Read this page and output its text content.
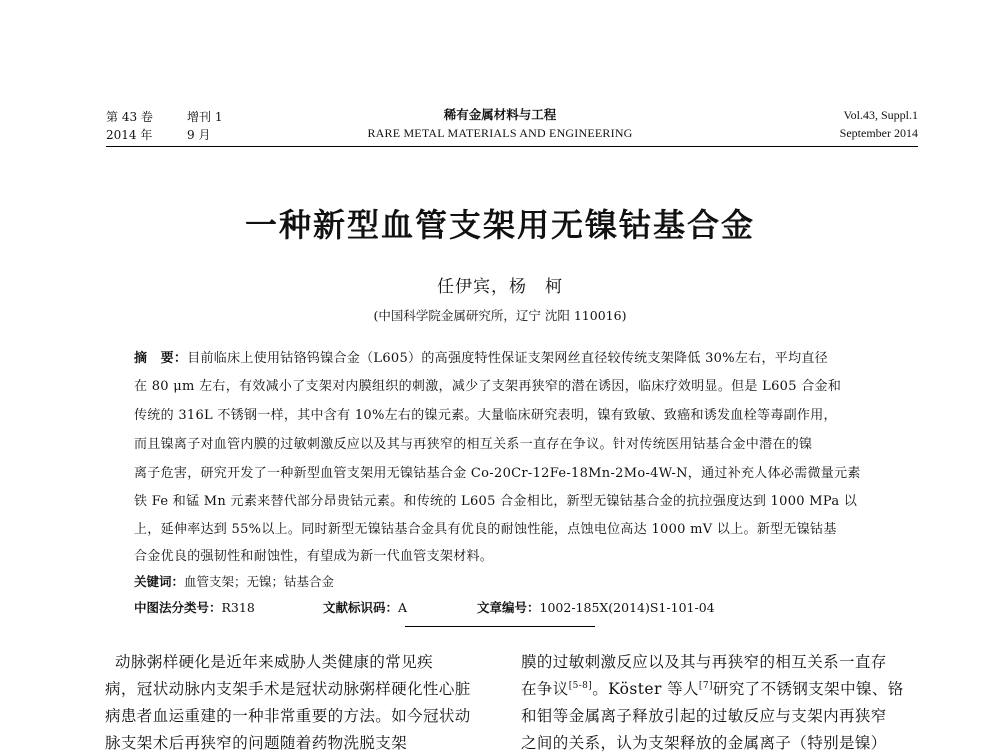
第 43 卷	增刊 1
2014 年	9 月
稀有金属材料与工程
RARE METAL MATERIALS AND ENGINEERING
Vol.43, Suppl.1
September 2014
一种新型血管支架用无镍钴基合金
任伊宾，杨　柯
(中国科学院金属研究所，辽宁 沈阳 110016)
摘　要：目前临床上使用钴铬钨镍合金（L605）的高强度特性保证支架网丝直径较传统支架降低 30%左右，平均直径
在 80 μm 左右，有效减小了支架对内膜组织的刺激，减少了支架再狭窄的潜在诱因，临床疗效明显。但是 L605 合金和
传统的 316L 不锈钢一样，其中含有 10%左右的镍元素。大量临床研究表明，镍有致敏、致癌和诱发血栓等毒副作用，
而且镍离子对血管内膜的过敏刺激反应以及其与再狭窄的相互关系一直存在争议。针对传统医用钴基合金中潜在的镍
离子危害，研究开发了一种新型血管支架用无镍钴基合金 Co-20Cr-12Fe-18Mn-2Mo-4W-N，通过补充人体必需微量元素
铁 Fe 和锰 Mn 元素来替代部分昂贵钴元素。和传统的 L605 合金相比，新型无镍钴基合金的抗拉强度达到 1000 MPa 以
上，延伸率达到 55%以上。同时新型无镍钴基合金具有优良的耐蚀性能，点蚀电位高达 1000 mV 以上。新型无镍钴基
合金优良的强韧性和耐蚀性，有望成为新一代血管支架材料。
关键词：血管支架；无镍；钴基合金
中图法分类号：R318	文献标识码：A	文章编号：1002-185X(2014)S1-101-04
动脉粥样硬化是近年来威胁人类健康的常见疾
病，冠状动脉内支架手术是冠状动脉粥样硬化性心脏
病患者血运重建的一种非常重要的方法。如今冠状动
脉支架术后再狭窄的问题随着药物洗脱支架
膜的过敏刺激反应以及其与再狭窄的相互关系一直存
在争议[5-8]。Köster 等人[7]研究了不锈钢支架中镍、铬
和钼等金属离子释放引起的过敏反应与支架内再狭窄
之间的关系，认为支架释放的金属离子（特别是镍）
